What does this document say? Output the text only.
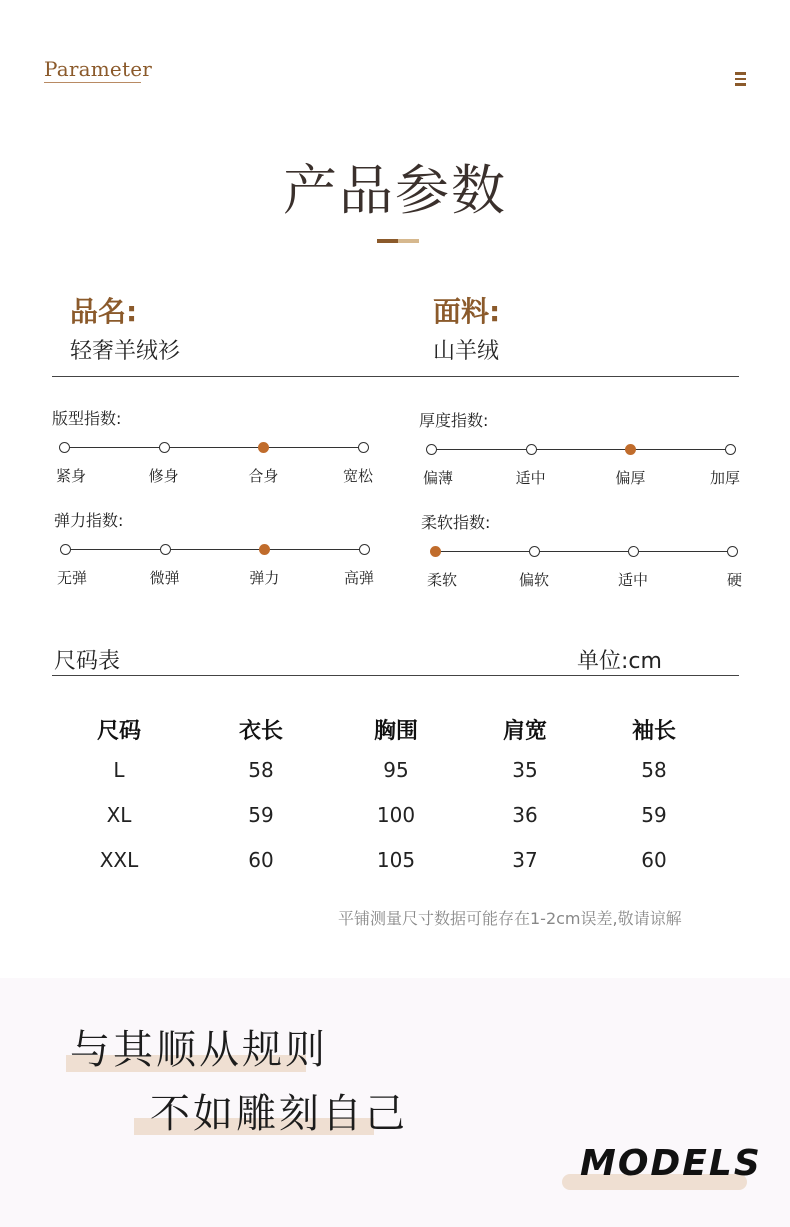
Parameter
产品参数
品名:
轻奢羊绒衫
面料:
山羊绒
版型指数:
紧身	修身	合身	宽松
厚度指数:
偏薄	适中	偏厚	加厚
弹力指数:
无弹	微弹	弹力	高弹
柔软指数:
柔软	偏软	适中	硬
尺码表	单位:cm
尺码	衣长	胸围	肩宽	袖长
L	58	95	35	58
XL	59	100	36	59
XXL	60	105	37	60
平铺测量尺寸数据可能存在1-2cm误差,敬请谅解
与其顺从规则
不如雕刻自己
MODELS
